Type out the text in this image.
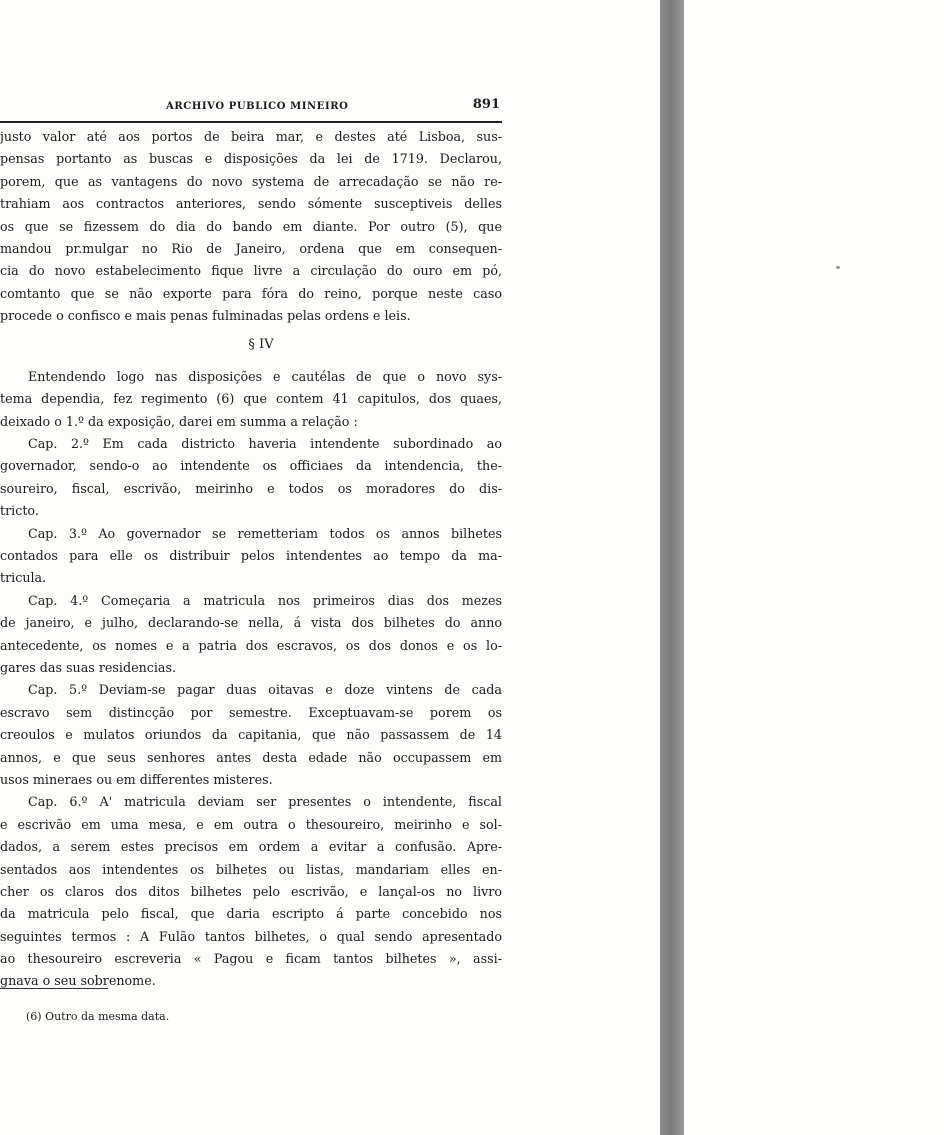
ARCHIVO PUBLICO MINEIRO	891
justo valor até aos portos de beira mar, e destes até Lisboa, sus-
pensas portanto as buscas e disposições da lei de 1719. Declarou,
porem, que as vantagens do novo systema de arrecadação se não re-
trahiam aos contractos anteriores, sendo sómente susceptiveis delles
os que se fizessem do dia do bando em diante. Por outro (5), que
mandou pr.mulgar no Rio de Janeiro, ordena que em consequen-
cia do novo estabelecimento fique livre a circulação do ouro em pó,
comtanto que se não exporte para fóra do reino, porque neste caso
procede o confisco e mais penas fulminadas pelas ordens e leis.
§ IV
Entendendo logo nas disposições e cautélas de que o novo sys-
tema dependia, fez regimento (6) que contem 41 capitulos, dos quaes,
deixado o 1.º da exposição, darei em summa a relação :
Cap. 2.º Em cada districto haveria intendente subordinado ao
governador, sendo-o ao intendente os officiaes da intendencia, the-
soureiro, fiscal, escrivão, meirinho e todos os moradores do dis-
tricto.
Cap. 3.º Ao governador se remetteriam todos os annos bilhetes
contados para elle os distribuir pelos intendentes ao tempo da ma-
tricula.
Cap. 4.º Começaria a matricula nos primeiros dias dos mezes
de janeiro, e julho, declarando-se nella, á vista dos bilhetes do anno
antecedente, os nomes e a patria dos escravos, os dos donos e os lo-
gares das suas residencias.
Cap. 5.º Deviam-se pagar duas oitavas e doze vintens de cada
escravo sem distincção por semestre. Exceptuavam-se porem os
creoulos e mulatos oriundos da capitania, que não passassem de 14
annos, e que seus senhores antes desta edade não occupassem em
usos mineraes ou em differentes misteres.
Cap. 6.º A' matricula deviam ser presentes o intendente, fiscal
e escrivão em uma mesa, e em outra o thesoureiro, meirinho e sol-
dados, a serem estes precisos em ordem a evitar a confusão. Apre-
sentados aos intendentes os bilhetes ou listas, mandariam elles en-
cher os claros dos ditos bilhetes pelo escrivão, e lançal-os no livro
da matricula pelo fiscal, que daria escripto á parte concebido nos
seguintes termos : A Fulão tantos bilhetes, o qual sendo apresentado
ao thesoureiro escreveria « Pagou e ficam tantos bilhetes », assi-
gnava o seu sobrenome.
(6) Outro da mesma data.
